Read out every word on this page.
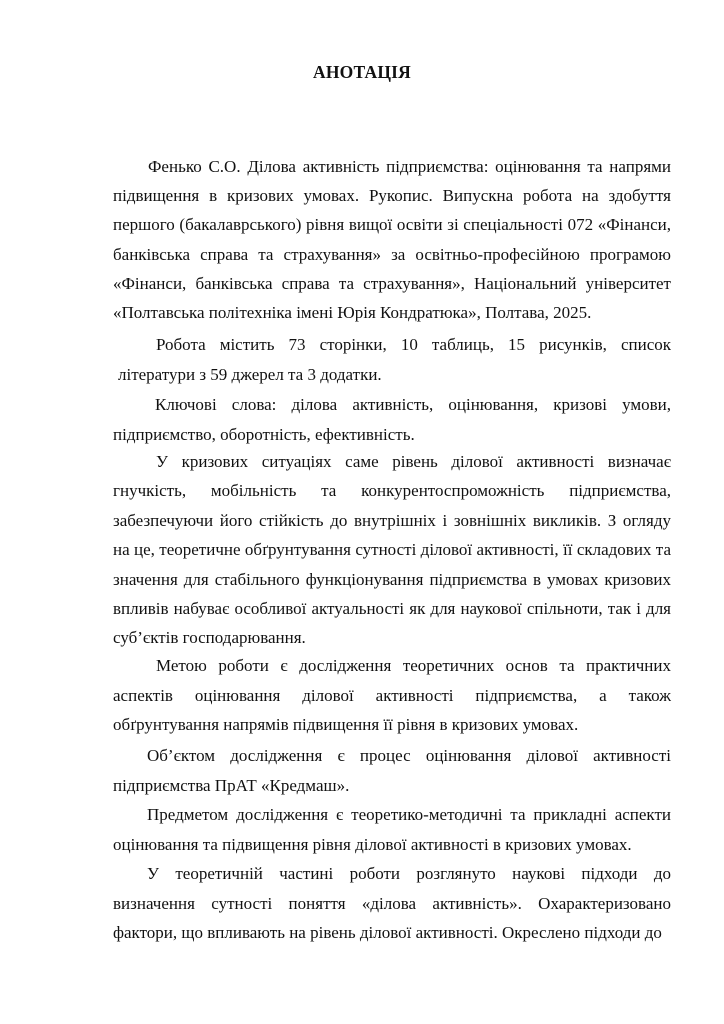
АНОТАЦІЯ
Фенько С.О. Ділова активність підприємства: оцінювання та напрями
підвищення в кризових умовах. Рукопис. Випускна робота на здобуття
першого (бакалаврського) рівня вищої освіти зі спеціальності 072 «Фінанси,
банківська справа та страхування» за освітньо-професійною програмою
«Фінанси, банківська справа та страхування», Національний університет
«Полтавська політехніка імені Юрія Кондратюка», Полтава, 2025.
Робота містить 73 сторінки, 10 таблиць, 15 рисунків, список
літератури з 59 джерел та 3 додатки.
Ключові слова: ділова активність, оцінювання, кризові умови,
підприємство, оборотність, ефективність.
У кризових ситуаціях саме рівень ділової активності визначає
гнучкість, мобільність та конкурентоспроможність підприємства,
забезпечуючи його стійкість до внутрішніх і зовнішніх викликів. З огляду
на це, теоретичне обґрунтування сутності ділової активності, її складових та
значення для стабільного функціонування підприємства в умовах кризових
впливів набуває особливої актуальності як для наукової спільноти, так і для
суб’єктів господарювання.
Метою роботи є дослідження теоретичних основ та практичних
аспектів оцінювання ділової активності підприємства, а також
обґрунтування напрямів підвищення її рівня в кризових умовах.
Об’єктом дослідження є процес оцінювання ділової активності
підприємства ПрАТ «Кредмаш».
Предметом дослідження є теоретико-методичні та прикладні аспекти
оцінювання та підвищення рівня ділової активності в кризових умовах.
У теоретичній частині роботи розглянуто наукові підходи до
визначення сутності поняття «ділова активність». Охарактеризовано
фактори, що впливають на рівень ділової активності. Окреслено підходи до
